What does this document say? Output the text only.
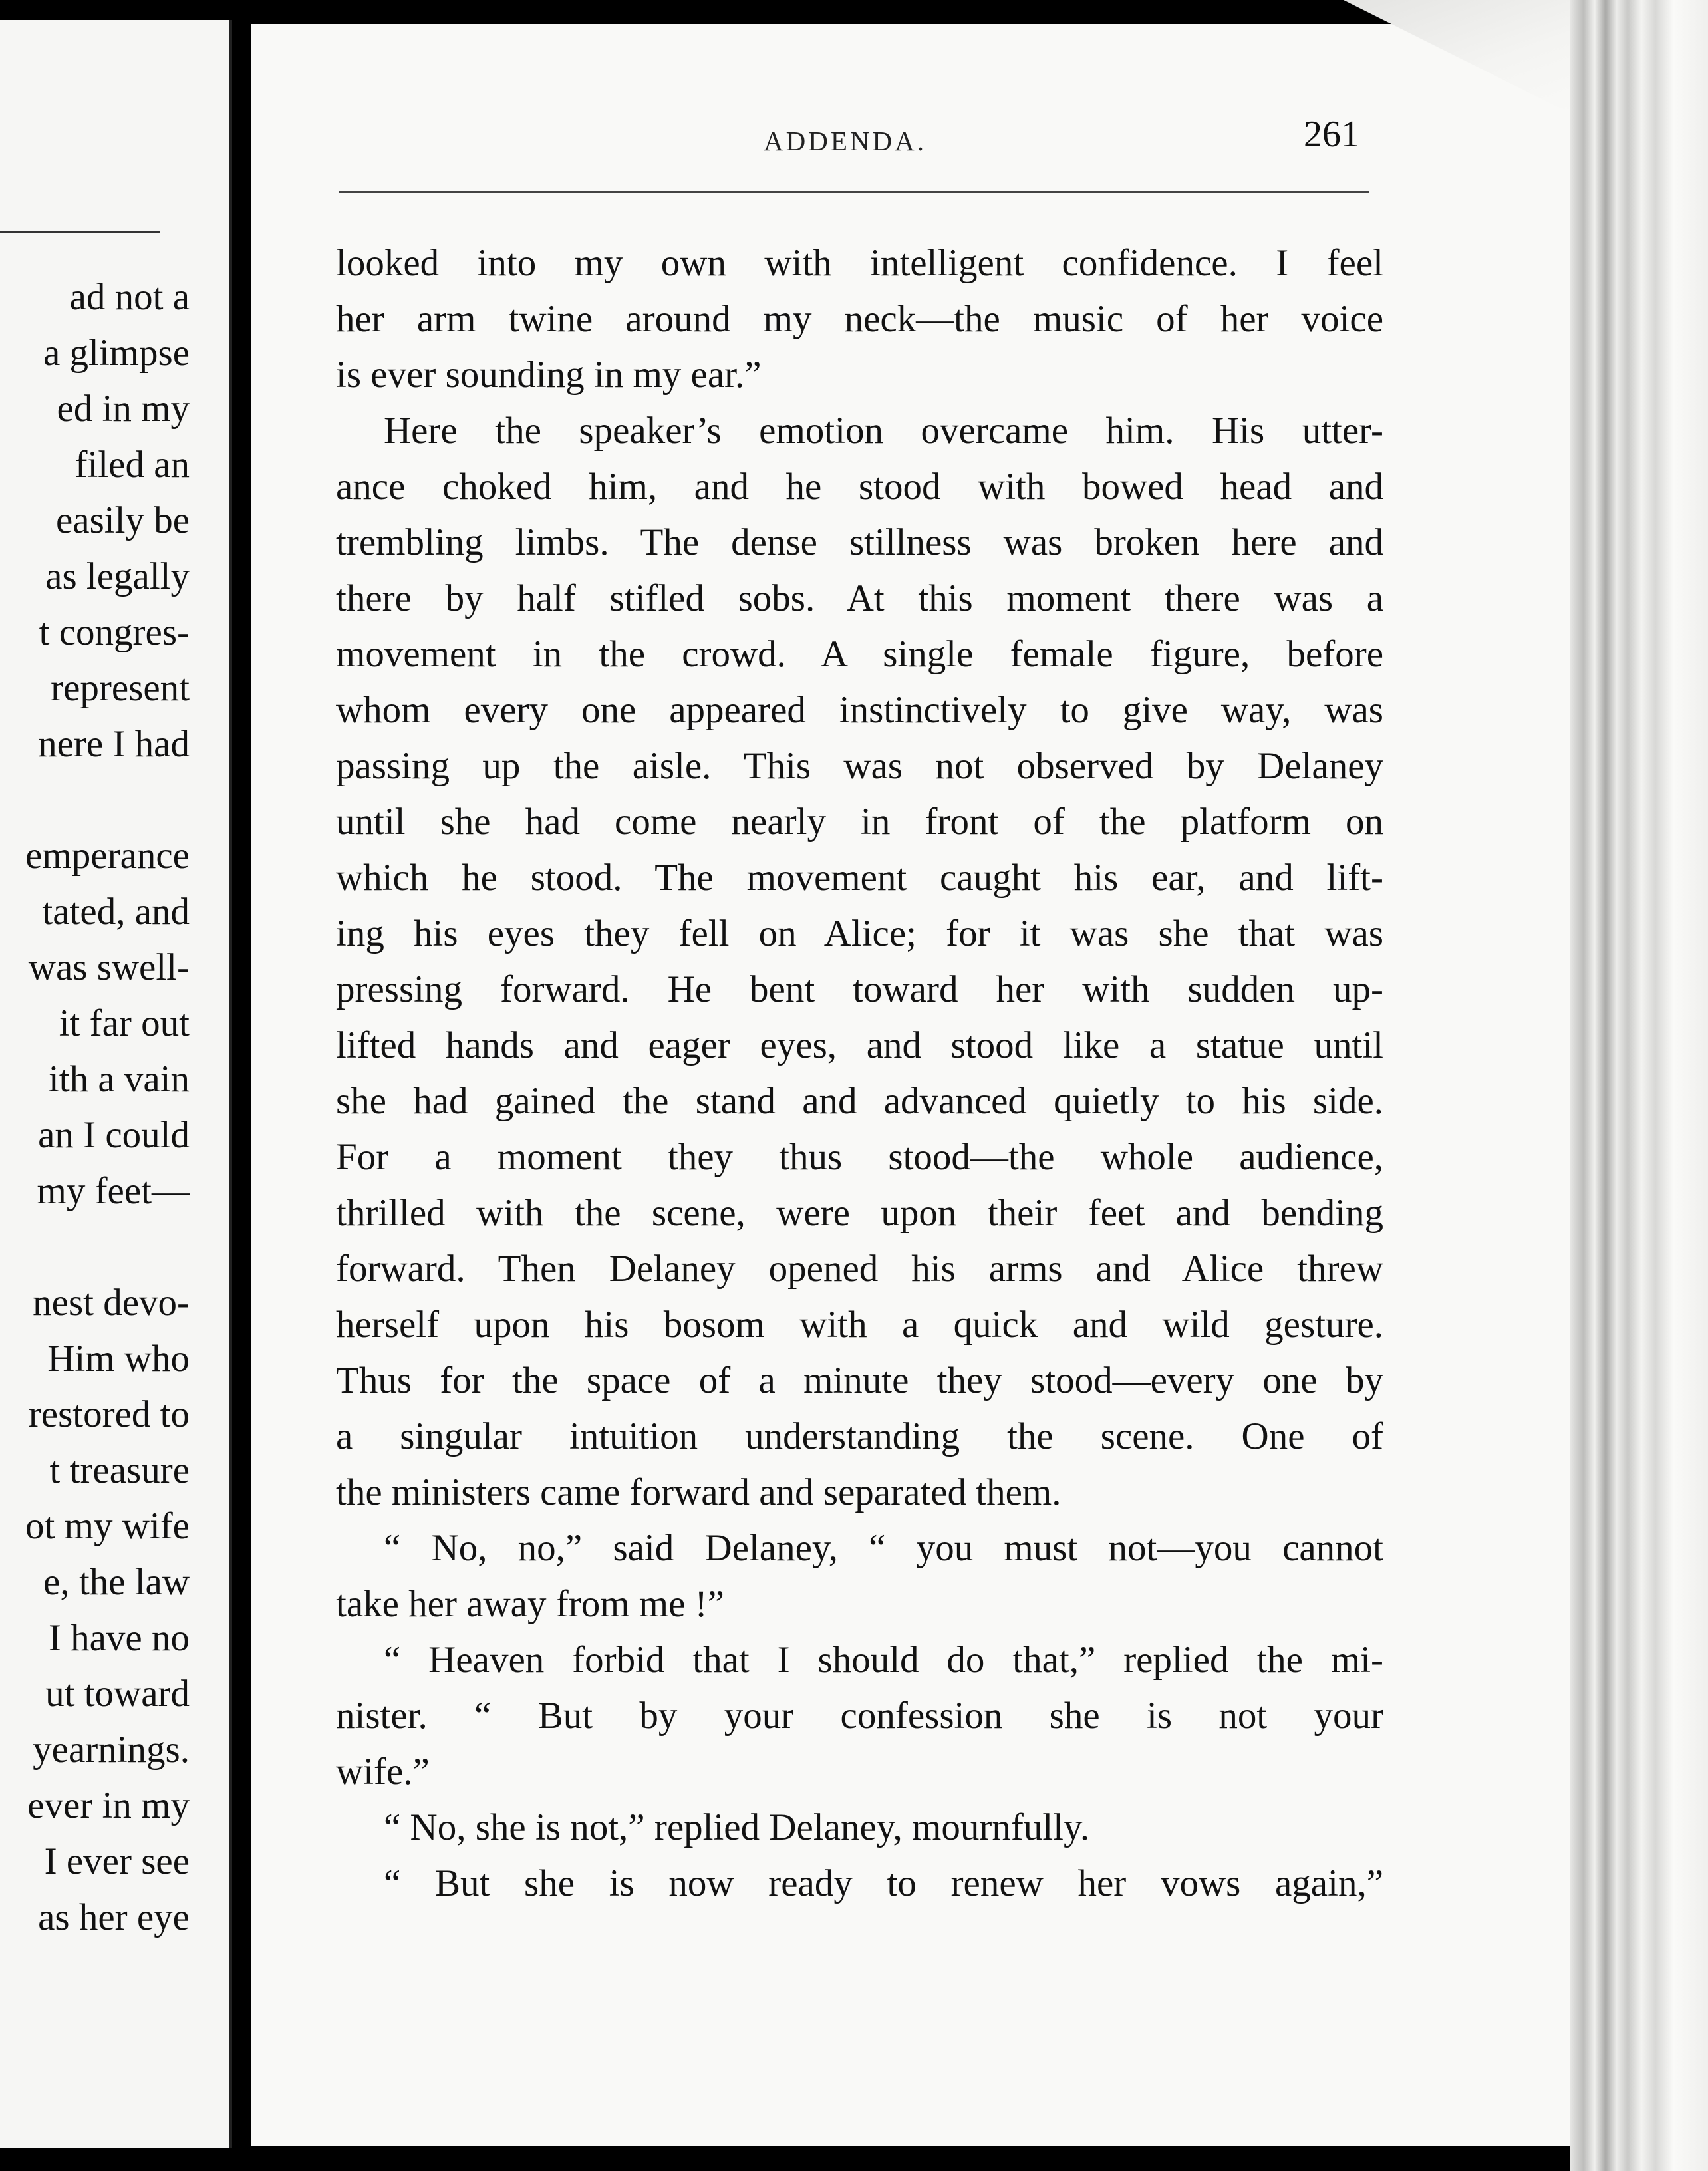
ad not a
a glimpse
ed in my
filed an
easily be
as legally
t congres-
represent
nere I had
emperance
tated, and
was swell-
it far out
ith a vain
an I could
my feet—
nest devo-
Him who
restored to
t treasure
ot my wife
e, the law
I have no
ut toward
yearnings.
ever in my
I ever see
as her eye
ADDENDA.	261
looked into my own with intelligent confidence. I feel
her arm twine around my neck—the music of her voice
is ever sounding in my ear.”
Here the speaker’s emotion overcame him. His utter-
ance choked him, and he stood with bowed head and
trembling limbs. The dense stillness was broken here and
there by half stifled sobs. At this moment there was a
movement in the crowd. A single female figure, before
whom every one appeared instinctively to give way, was
passing up the aisle. This was not observed by Delaney
until she had come nearly in front of the platform on
which he stood. The movement caught his ear, and lift-
ing his eyes they fell on Alice; for it was she that was
pressing forward. He bent toward her with sudden up-
lifted hands and eager eyes, and stood like a statue until
she had gained the stand and advanced quietly to his side.
For a moment they thus stood—the whole audience,
thrilled with the scene, were upon their feet and bending
forward. Then Delaney opened his arms and Alice threw
herself upon his bosom with a quick and wild gesture.
Thus for the space of a minute they stood—every one by
a singular intuition understanding the scene. One of
the ministers came forward and separated them.
“ No, no,” said Delaney, “ you must not—you cannot
take her away from me !”
“ Heaven forbid that I should do that,” replied the mi-
nister. “ But by your confession she is not your
wife.”
“ No, she is not,” replied Delaney, mournfully.
“ But she is now ready to renew her vows again,”
